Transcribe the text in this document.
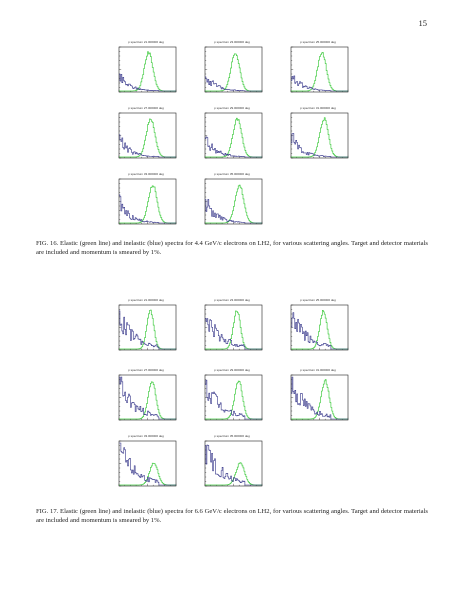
15
p spectrum 21.000000 deg	p spectrum 23.000000 deg	p spectrum 25.000000 deg
p spectrum 27.000000 deg	p spectrum 29.000000 deg	p spectrum 31.000000 deg
p spectrum 33.000000 deg	p spectrum 35.000000 deg
FIG. 16. Elastic (green line) and inelastic (blue) spectra for 4.4 GeV/c electrons on LH2, for various scattering angles. Target and detector materials are included and momentum is smeared by 1%.
p spectrum 21.000000 deg	p spectrum 23.000000 deg	p spectrum 25.000000 deg
p spectrum 27.000000 deg	p spectrum 29.000000 deg	p spectrum 31.000000 deg
p spectrum 33.000000 deg	p spectrum 35.000000 deg
FIG. 17. Elastic (green line) and inelastic (blue) spectra for 6.6 GeV/c electrons on LH2, for various scattering angles. Target and detector materials are included and momentum is smeared by 1%.
